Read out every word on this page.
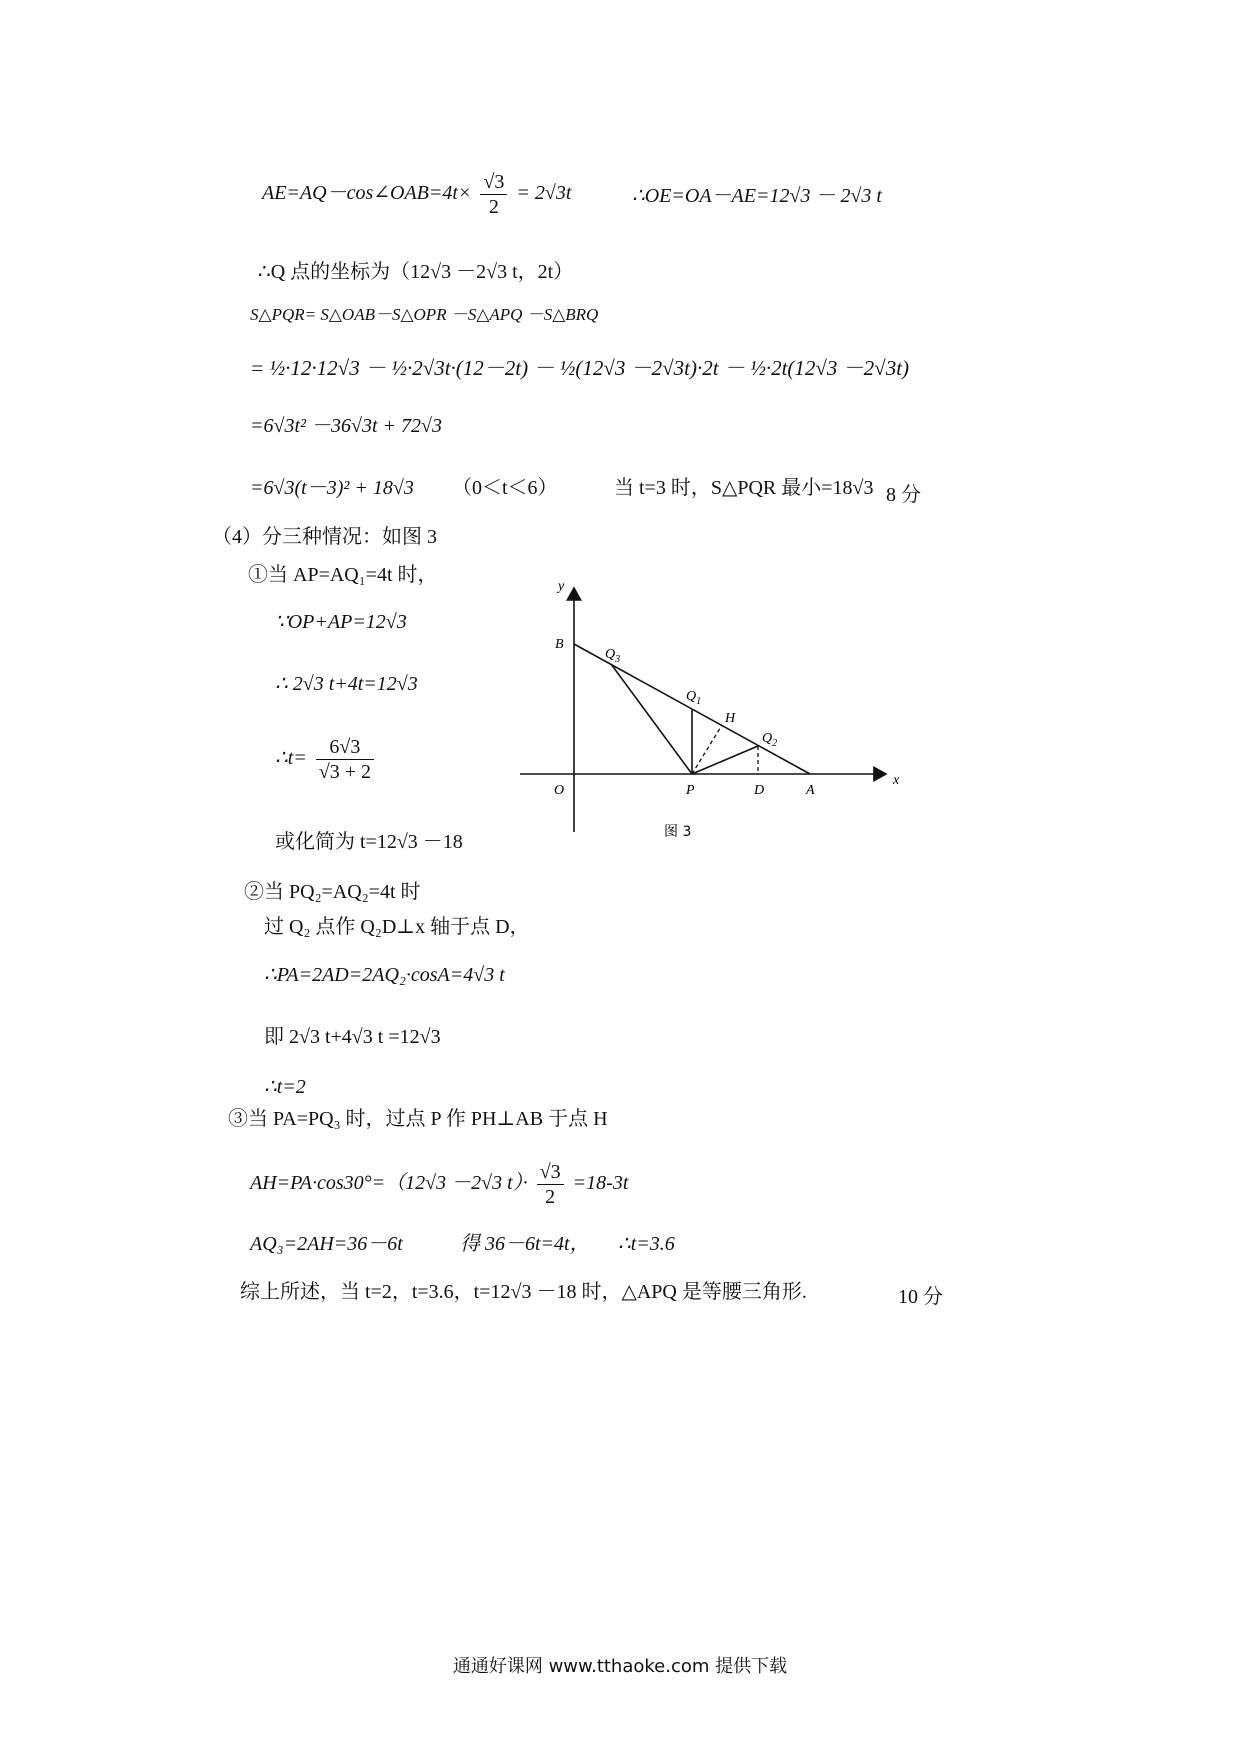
AE=AQ－cos∠OAB=4t× $\frac{√3}{2} = 2√3t$	∴OE=OA－AE=12√3 － 2√3 t
∴Q 点的坐标为（12√3 －2√3 t，2t）
S△PQR= S△OAB－S△OPR －S△APQ －S△BRQ
= ½·12·12√3 － ½·2√3t·(12－2t) － ½(12√3 －2√3t)·2t － ½·2t(12√3 －2√3t)
=6√3t² －36√3t + 72√3
=6√3(t－3)² + 18√3 （0＜t＜6）	当 t=3 时，S△PQR 最小=18√3 8 分
（4）分三种情况：如图 3
①当 AP=AQ₁=4t 时，
∵OP+AP=12√3
∴ 2√3 t+4t=12√3
∴t= $\frac{6√3}{√3 + 2}$
或化简为 t=12√3 －18
②当 PQ₂=AQ₂=4t 时
过 Q₂ 点作 Q₂D⊥x 轴于点 D，
∴PA=2AD=2AQ₂·cosA=4√3 t
即 2√3 t+4√3 t =12√3
∴t=2
③当 PA=PQ₃ 时，过点 P 作 PH⊥AB 于点 H
AH=PA·cos30°=（12√3 －2√3 $t)\cdot \frac{√3}{2} =18-3t$
AQ₃=2AH=36－6t	得 36－6t=4t， ∴t=3.6
综上所述，当 t=2，t=3.6，t=12√3 －18 时，△APQ 是等腰三角形.	10 分
y
x
B
O	P	D	A
$Q_3$
$Q_1$
$Q_2$
H
图 3
通通好课网 www.tthaoke.com 提供下载
